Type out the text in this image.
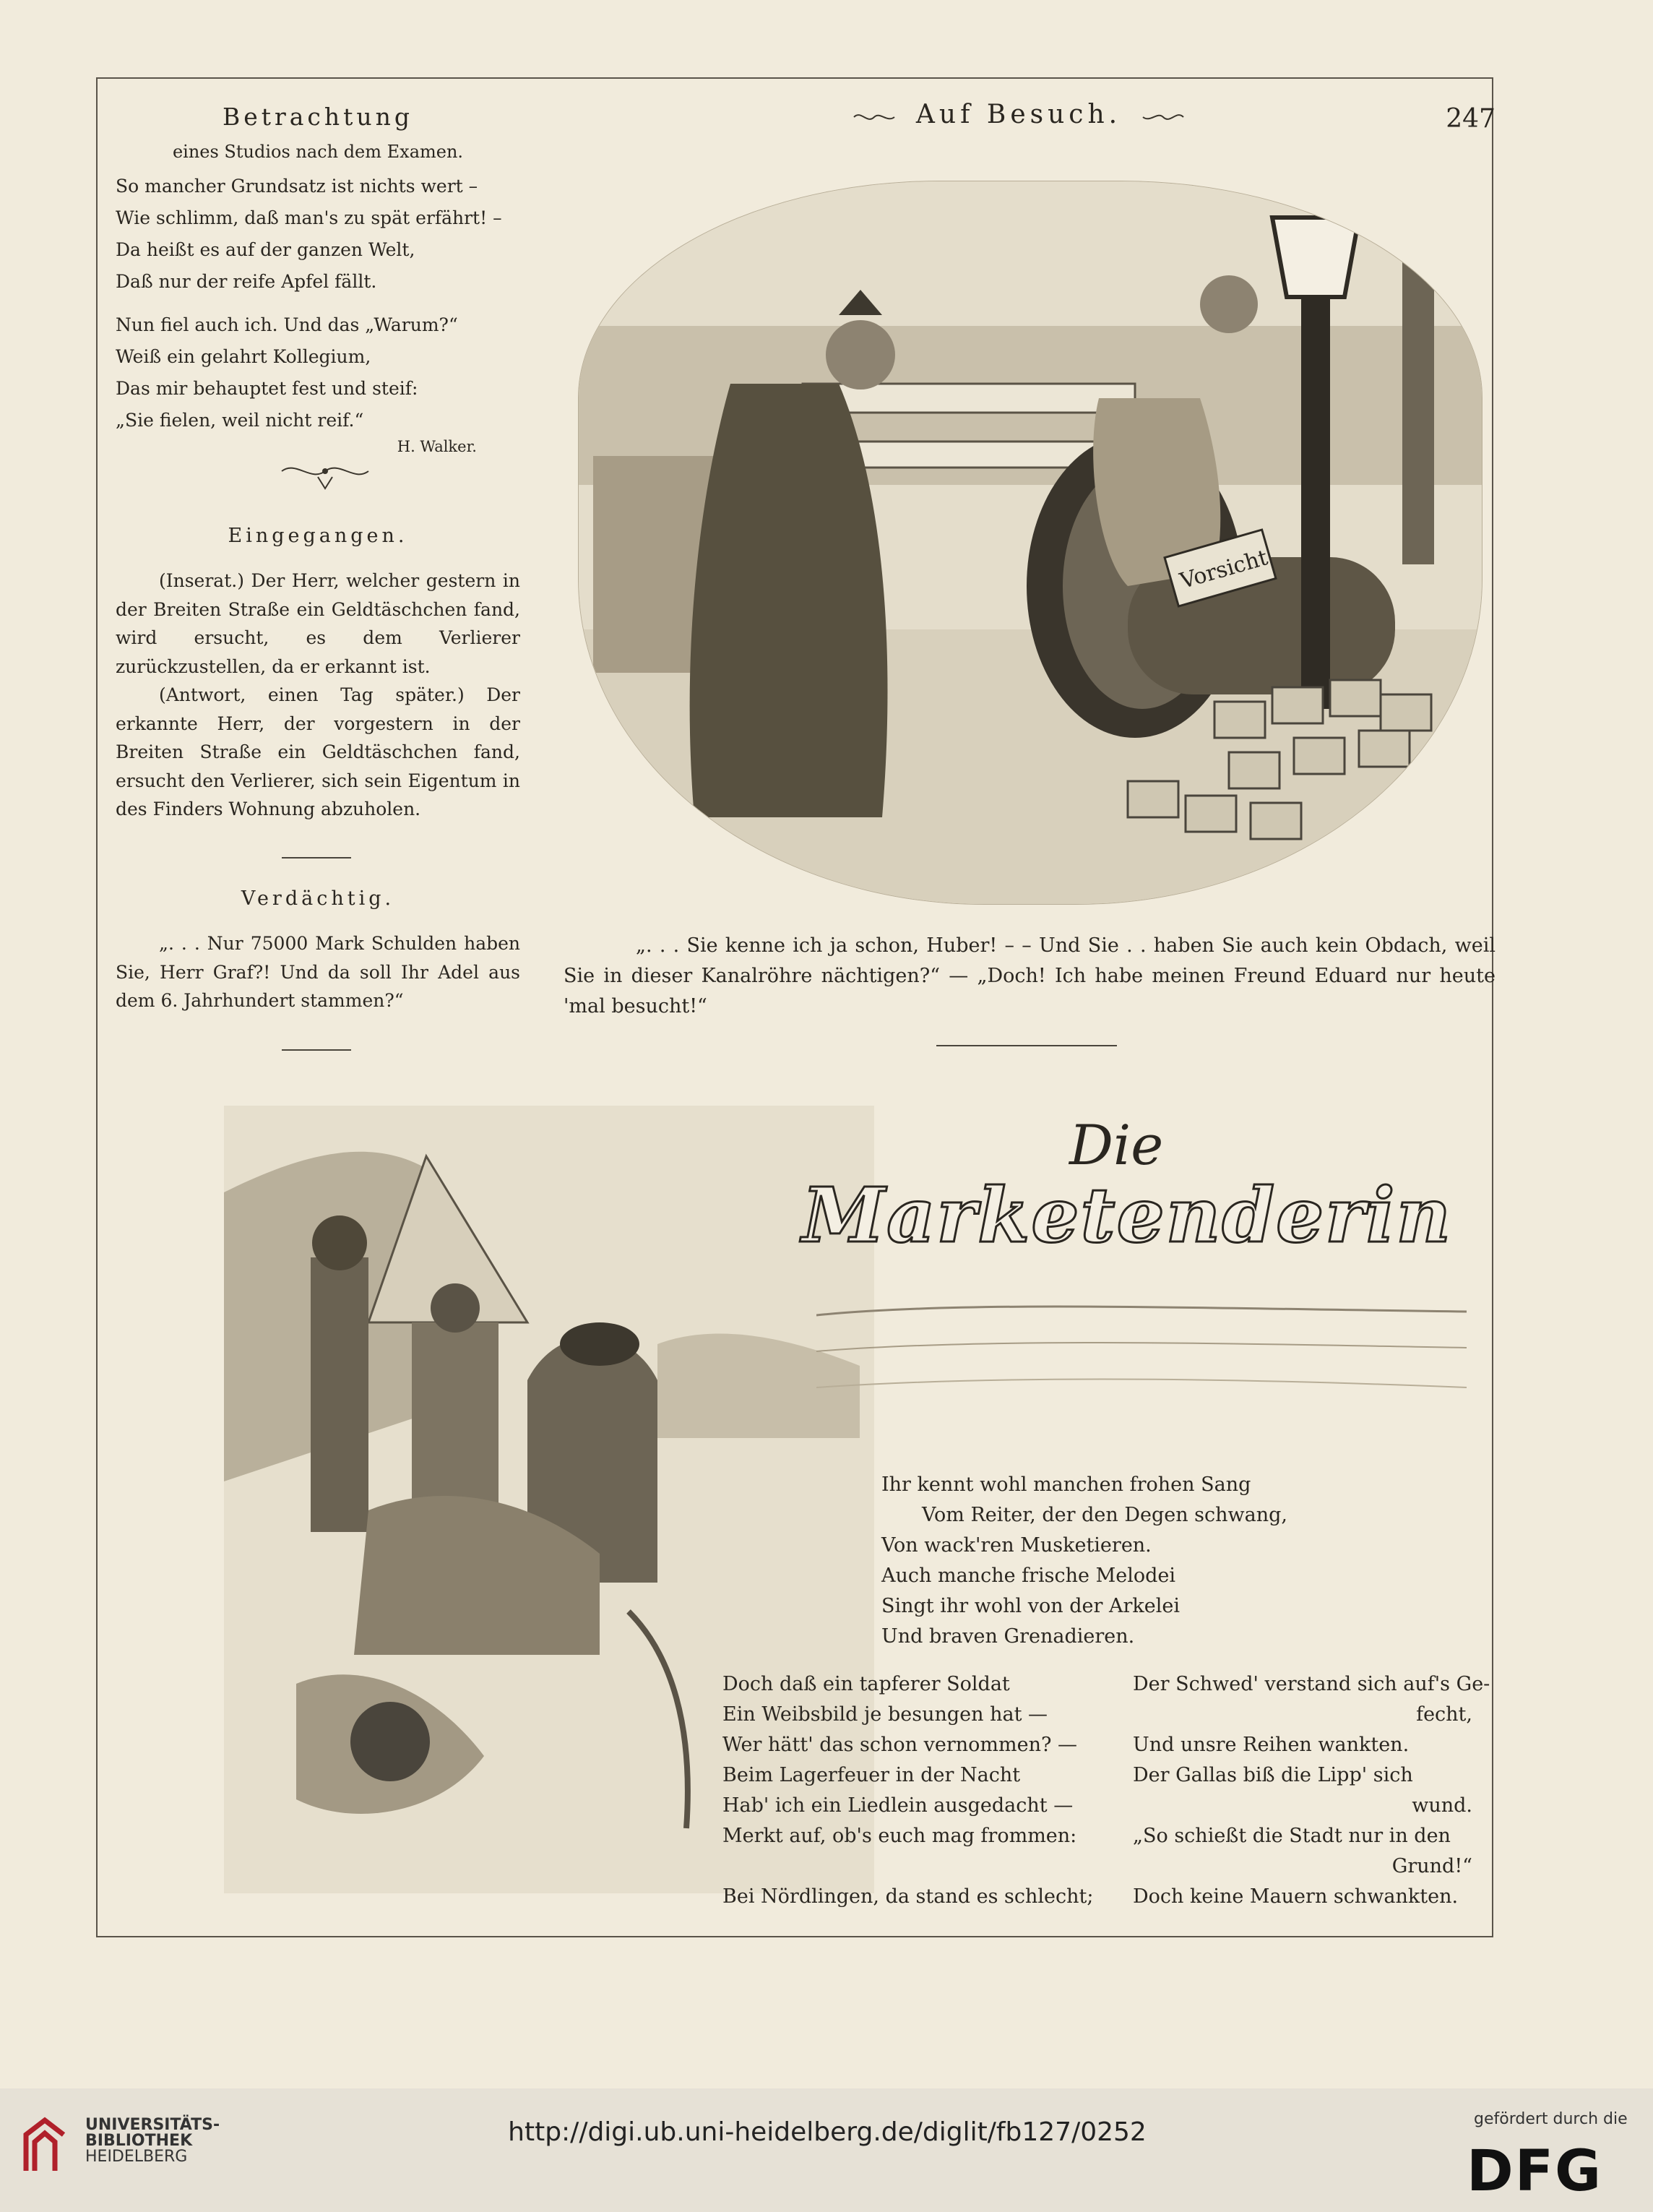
Betrachtung
eines Studios nach dem Examen.
Auf Besuch.	247
So mancher Grundsatz ist nichts wert –
Wie schlimm, daß man's zu spät erfährt! –
Da heißt es auf der ganzen Welt,
Daß nur der reife Apfel fällt.
Nun fiel auch ich. Und das „Warum?“
Weiß ein gelahrt Kollegium,
Das mir behauptet fest und steif:
„Sie fielen, weil nicht reif.“
H. Walker.
Eingegangen.

(Inserat.) Der Herr, welcher gestern in der Breiten Straße ein Geldtäschchen fand, wird ersucht, es dem Verlierer zurückzustellen, da er erkannt ist.

(Antwort, einen Tag später.) Der erkannte Herr, der vorgestern in der Breiten Straße ein Geldtäschchen fand, ersucht den Verlierer, sich sein Eigentum in des Finders Wohnung abzuholen.

Verdächtig.

„. . . Nur 75000 Mark Schulden haben Sie, Herr Graf?! Und da soll Ihr Adel aus dem 6. Jahrhundert stammen?“

Vorsicht

„. . . Sie kenne ich ja schon, Huber! – – Und Sie . . haben Sie auch kein Obdach, weil Sie in dieser Kanalröhre nächtigen?“ — „Doch! Ich habe meinen Freund Eduard nur heute 'mal besucht!“

Die
Marketenderin
Ihr kennt wohl manchen frohen Sang
Vom Reiter, der den Degen schwang,
Von wack'ren Musketieren.
Auch manche frische Melodei
Singt ihr wohl von der Arkelei
Und braven Grenadieren.
Doch daß ein tapferer Soldat
Ein Weibsbild je besungen hat —
Wer hätt' das schon vernommen? —
Beim Lagerfeuer in der Nacht
Hab' ich ein Liedlein ausgedacht —
Merkt auf, ob's euch mag frommen:
Bei Nördlingen, da stand es schlecht;
Der Schwed' verstand sich auf's Ge-
fecht,
Und unsre Reihen wankten.
Der Gallas biß die Lipp' sich
wund.
„So schießt die Stadt nur in den
Grund!“
Doch keine Mauern schwankten.
UNIVERSITÄTS-
BIBLIOTHEK
HEIDELBERG
http://digi.ub.uni-heidelberg.de/diglit/fb127/0252	gefördert durch die
DFG
